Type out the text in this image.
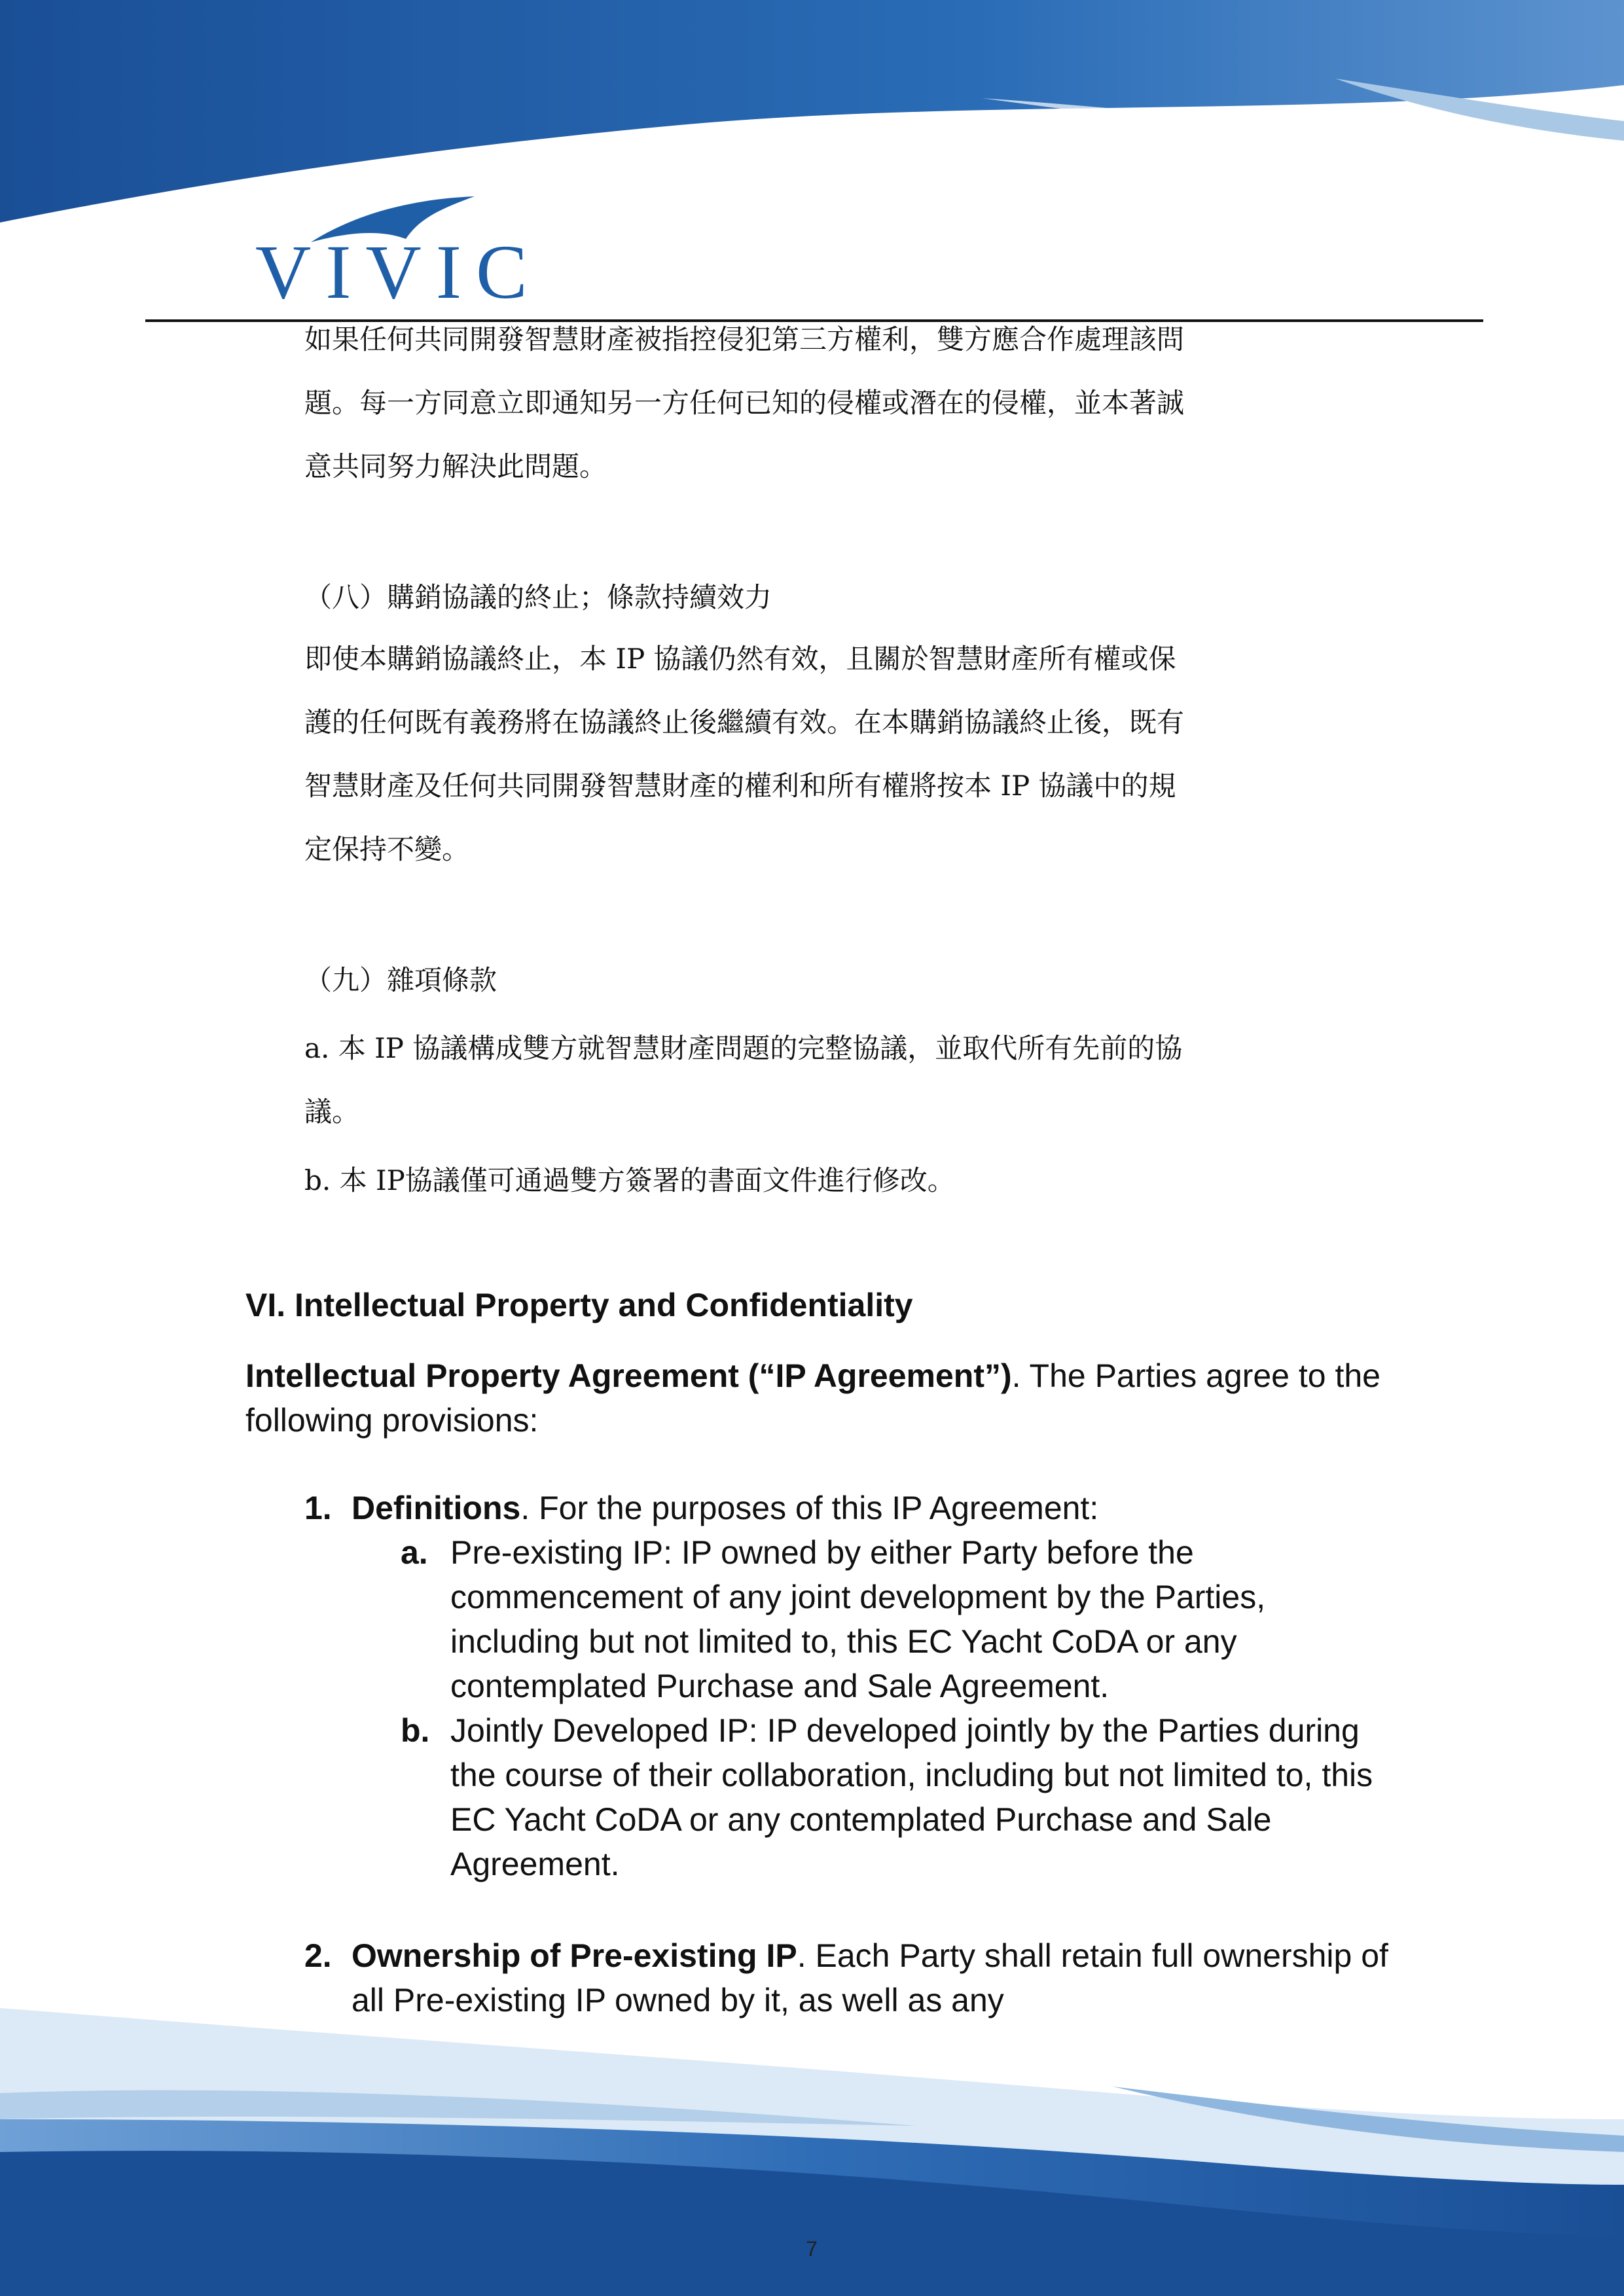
VIVIC

如果任何共同開發智慧財產被指控侵犯第三方權利，雙方應合作處理該問

題。每一方同意立即通知另一方任何已知的侵權或潛在的侵權，並本著誠

意共同努力解決此問題。

（八）購銷協議的終止；條款持續效力

即使本購銷協議終止，本 IP 協議仍然有效，且關於智慧財產所有權或保

護的任何既有義務將在協議終止後繼續有效。在本購銷協議終止後，既有

智慧財產及任何共同開發智慧財產的權利和所有權將按本 IP 協議中的規

定保持不變。

（九）雜項條款

a. 本 IP 協議構成雙方就智慧財產問題的完整協議，並取代所有先前的協

議。

b. 本 IP協議僅可通過雙方簽署的書面文件進行修改。

VI. Intellectual Property and Confidentiality
Intellectual Property Agreement (“IP Agreement”). The Parties agree to the following provisions:
1. Definitions. For the purposes of this IP Agreement:
a. Pre-existing IP: IP owned by either Party before the commencement of any joint development by the Parties, including but not limited to, this EC Yacht CoDA or any contemplated Purchase and Sale Agreement.
b. Jointly Developed IP: IP developed jointly by the Parties during the course of their collaboration, including but not limited to, this EC Yacht CoDA or any contemplated Purchase and Sale Agreement.
2. Ownership of Pre-existing IP. Each Party shall retain full ownership of all Pre-existing IP owned by it, as well as any
7
